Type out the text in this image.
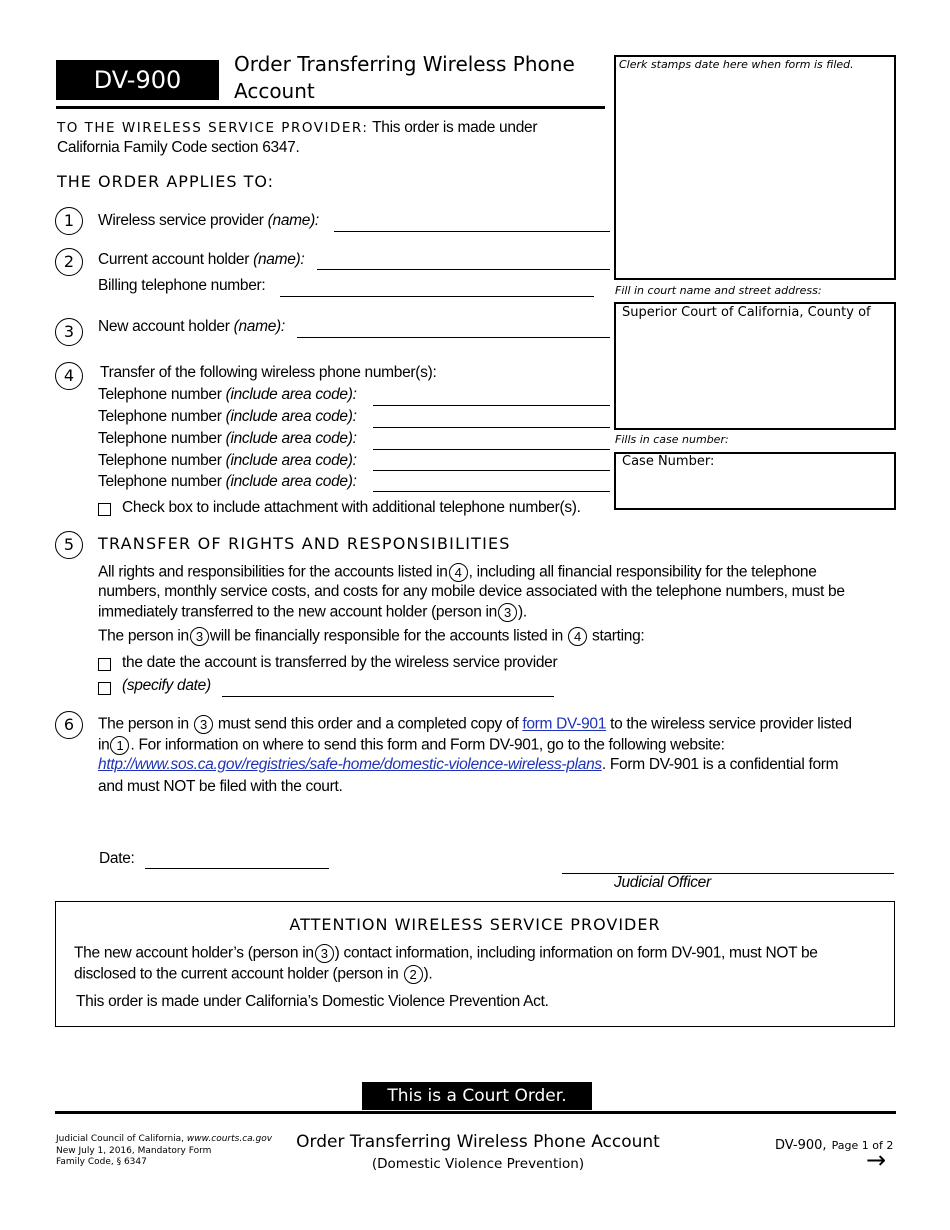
DV-900
Order Transferring Wireless Phone
Account
Clerk stamps date here when form is filed.
Fill in court name and street address:
Superior Court of California, County of
Fills in case number:
Case Number:
TO THE WIRELESS SERVICE PROVIDER: This order is made under
California Family Code section 6347.
THE ORDER APPLIES TO:
1	Wireless service provider (name):
2	Current account holder (name):
Billing telephone number:
3	New account holder (name):
4	Transfer of the following wireless phone number(s):
Telephone number (include area code):
Telephone number (include area code):
Telephone number (include area code):
Telephone number (include area code):
Telephone number (include area code):
Check box to include attachment with additional telephone number(s).
5	TRANSFER OF RIGHTS AND RESPONSIBILITIES
All rights and responsibilities for the accounts listed in 4 , including all financial responsibility for the telephone
numbers, monthly service costs, and costs for any mobile device associated with the telephone numbers, must be
immediately transferred to the new account holder (person in 3 ).
The person in 3 will be financially responsible for the accounts listed in 4 starting:
the date the account is transferred by the wireless service provider
(specify date)
6	The person in 3 must send this order and a completed copy of form DV-901 to the wireless service provider listed
in 1 . For information on where to send this form and Form DV-901, go to the following website:
http://www.sos.ca.gov/registries/safe-home/domestic-violence-wireless-plans. Form DV-901 is a confidential form
and must NOT be filed with the court.
Date:
Judicial Officer
ATTENTION WIRELESS SERVICE PROVIDER
The new account holder’s (person in 3 ) contact information, including information on form DV-901, must NOT be
disclosed to the current account holder (person in 2 ).
This order is made under California’s Domestic Violence Prevention Act.
This is a Court Order.
Judicial Council of California, www.courts.ca.gov
New July 1, 2016, Mandatory Form
Family Code, § 6347
Order Transferring Wireless Phone Account
(Domestic Violence Prevention)
DV-900, Page 1 of 2
→
